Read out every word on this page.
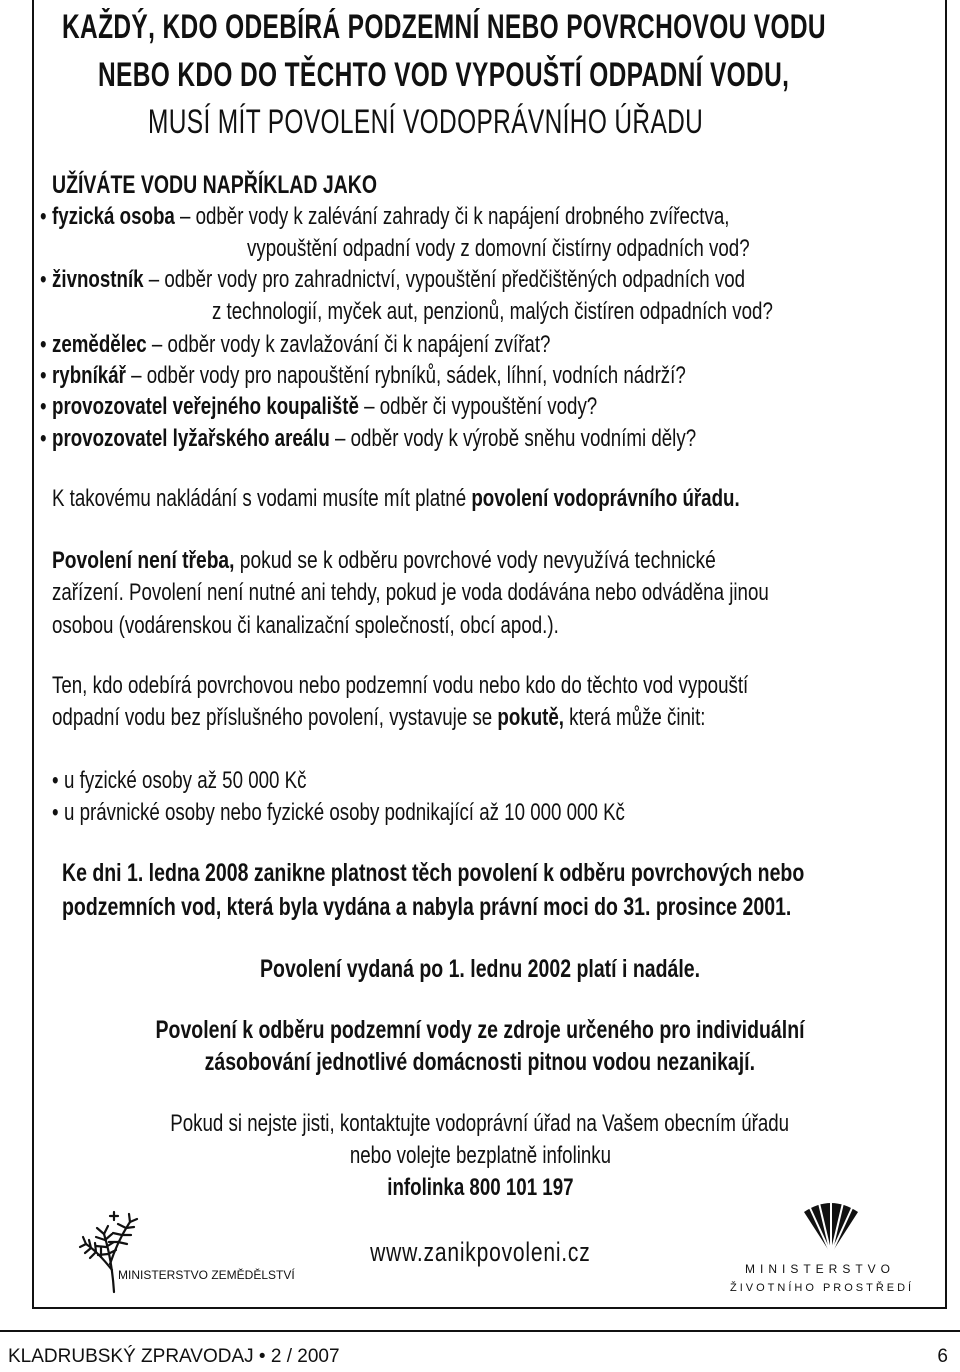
KAŽDÝ, KDO ODEBÍRÁ PODZEMNÍ NEBO POVRCHOVOU VODU
NEBO KDO DO TĚCHTO VOD VYPOUŠTÍ ODPADNÍ VODU,
MUSÍ MÍT POVOLENÍ VODOPRÁVNÍHO ÚŘADU
UŽÍVÁTE VODU NAPŘÍKLAD JAKO
• fyzická osoba – odběr vody k zalévání zahrady či k napájení drobného zvířectva,
vypouštění odpadní vody z domovní čistírny odpadních vod?
• živnostník – odběr vody pro zahradnictví, vypouštění předčištěných odpadních vod
z technologií, myček aut, penzionů, malých čistíren odpadních vod?
• zemědělec – odběr vody k zavlažování či k napájení zvířat?
• rybníkář – odběr vody pro napouštění rybníků, sádek, líhní, vodních nádrží?
• provozovatel veřejného koupaliště – odběr či vypouštění vody?
• provozovatel lyžařského areálu – odběr vody k výrobě sněhu vodními děly?
K takovému nakládání s vodami musíte mít platné povolení vodoprávního úřadu.
Povolení není třeba, pokud se k odběru povrchové vody nevyužívá technické
zařízení. Povolení není nutné ani tehdy, pokud je voda dodávána nebo odváděna jinou
osobou (vodárenskou či kanalizační společností, obcí apod.).
Ten, kdo odebírá povrchovou nebo podzemní vodu nebo kdo do těchto vod vypouští
odpadní vodu bez příslušného povolení, vystavuje se pokutě, která může činit:
• u fyzické osoby až 50 000 Kč
• u právnické osoby nebo fyzické osoby podnikající až 10 000 000 Kč
Ke dni 1. ledna 2008 zanikne platnost těch povolení k odběru povrchových nebo
podzemních vod, která byla vydána a nabyla právní moci do 31. prosince 2001.
Povolení vydaná po 1. lednu 2002 platí i nadále.
Povolení k odběru podzemní vody ze zdroje určeného pro individuální
zásobování jednotlivé domácnosti pitnou vodou nezanikají.
Pokud si nejste jisti, kontaktujte vodoprávní úřad na Vašem obecním úřadu
nebo volejte bezplatně infolinku
infolinka 800 101 197
www.zanikpovoleni.cz
MINISTERSTVO ZEMĚDĚLSTVÍ	MINISTERSTVO
ŽIVOTNÍHO PROSTŘEDÍ
KLADRUBSKÝ ZPRAVODAJ • 2 / 2007	6
